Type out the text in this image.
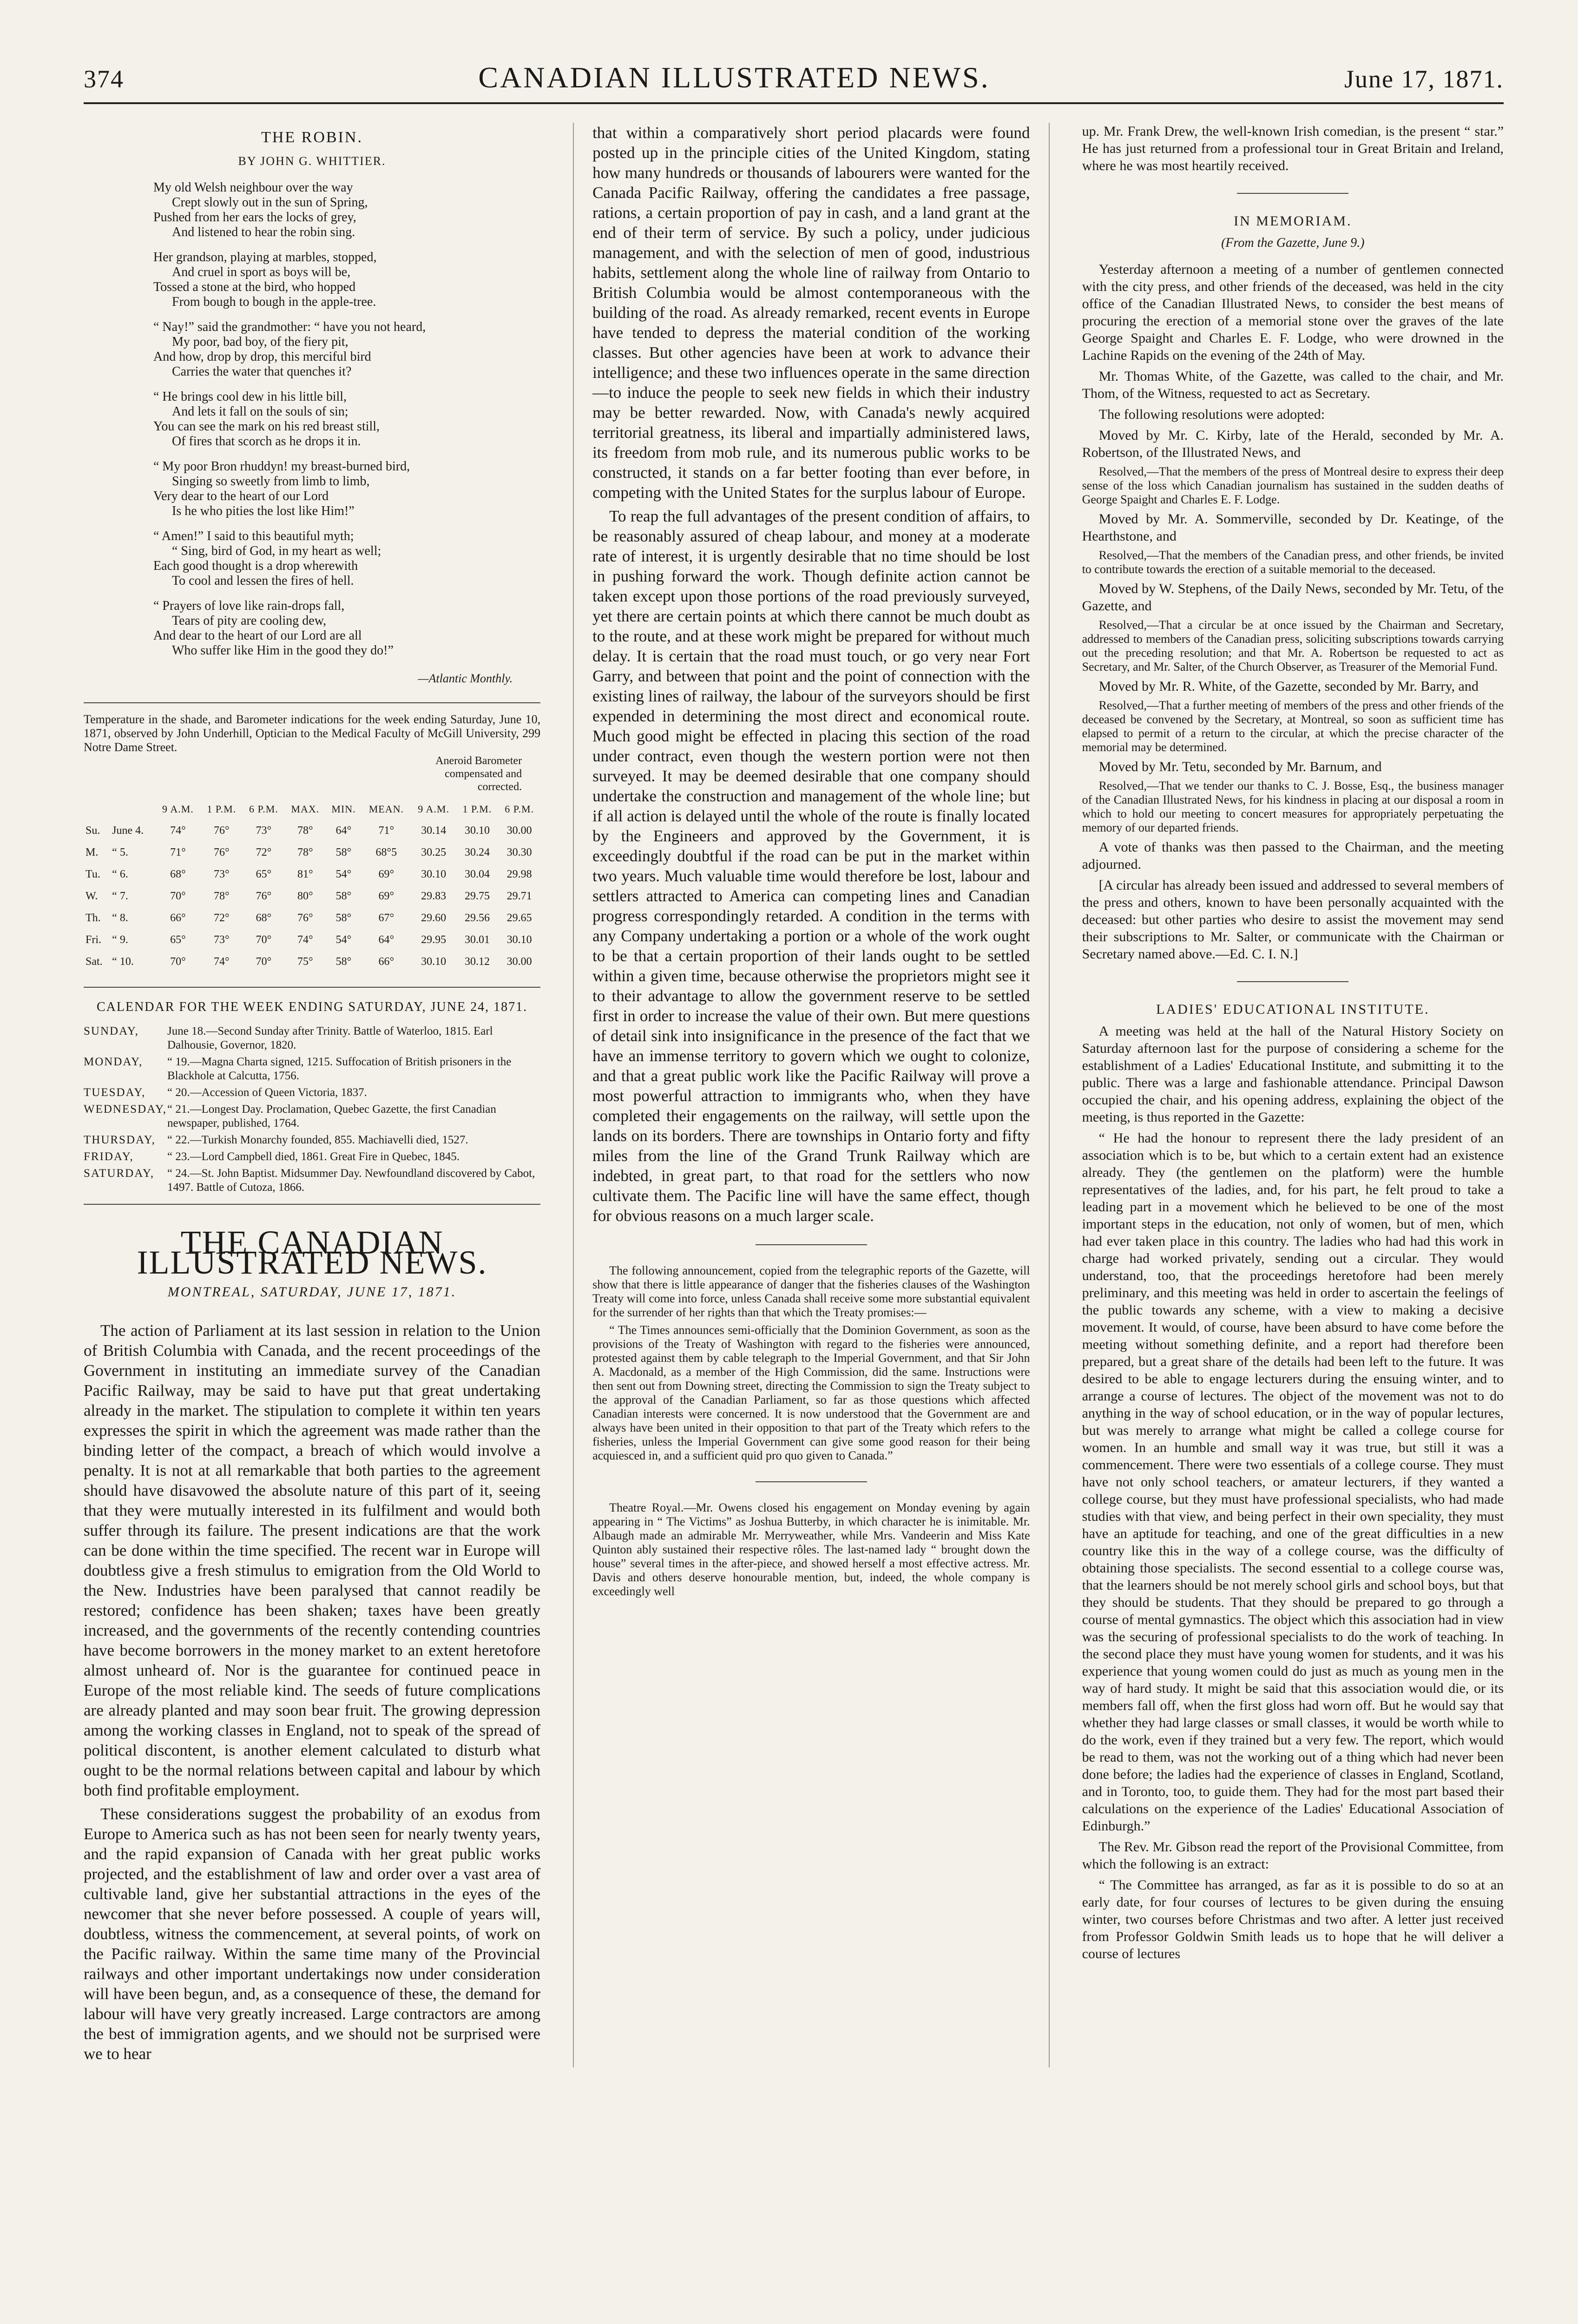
374	CANADIAN ILLUSTRATED NEWS.	June 17, 1871.
THE ROBIN.
BY JOHN G. WHITTIER.
My old Welsh neighbour over the way
Crept slowly out in the sun of Spring,
Pushed from her ears the locks of grey,
And listened to hear the robin sing.
Her grandson, playing at marbles, stopped,
And cruel in sport as boys will be,
Tossed a stone at the bird, who hopped
From bough to bough in the apple-tree.
“ Nay!” said the grandmother: “ have you not heard,
My poor, bad boy, of the fiery pit,
And how, drop by drop, this merciful bird
Carries the water that quenches it?
“ He brings cool dew in his little bill,
And lets it fall on the souls of sin;
You can see the mark on his red breast still,
Of fires that scorch as he drops it in.
“ My poor Bron rhuddyn! my breast-burned bird,
Singing so sweetly from limb to limb,
Very dear to the heart of our Lord
Is he who pities the lost like Him!”
“ Amen!” I said to this beautiful myth;
“ Sing, bird of God, in my heart as well;
Each good thought is a drop wherewith
To cool and lessen the fires of hell.
“ Prayers of love like rain-drops fall,
Tears of pity are cooling dew,
And dear to the heart of our Lord are all
Who suffer like Him in the good they do!”
—Atlantic Monthly.
Temperature in the shade, and Barometer indications for the week ending Saturday, June 10, 1871, observed by John Underhill, Optician to the Medical Faculty of McGill University, 299 Notre Dame Street.
Aneroid Barometer
compensated and
corrected.
		9 A.M.	1 P.M.	6 P.M.	MAX.	MIN.	MEAN.	9 A.M.	1 P.M.	6 P.M.
Su.	June 4.	74°	76°	73°	78°	64°	71°	30.14	30.10	30.00
M.	“ 5.	71°	76°	72°	78°	58°	68°5	30.25	30.24	30.30
Tu.	“ 6.	68°	73°	65°	81°	54°	69°	30.10	30.04	29.98
W.	“ 7.	70°	78°	76°	80°	58°	69°	29.83	29.75	29.71
Th.	“ 8.	66°	72°	68°	76°	58°	67°	29.60	29.56	29.65
Fri.	“ 9.	65°	73°	70°	74°	54°	64°	29.95	30.01	30.10
Sat.	“ 10.	70°	74°	70°	75°	58°	66°	30.10	30.12	30.00
CALENDAR FOR THE WEEK ENDING SATURDAY, JUNE 24, 1871.
SUNDAY,	June 18.—Second Sunday after Trinity. Battle of Waterloo, 1815. Earl Dalhousie, Governor, 1820.
MONDAY,	“ 19.—Magna Charta signed, 1215. Suffocation of British prisoners in the Blackhole at Calcutta, 1756.
TUESDAY,	“ 20.—Accession of Queen Victoria, 1837.
WEDNESDAY, “ 21.—Longest Day. Proclamation, Quebec Gazette, the first Canadian newspaper, published, 1764.
THURSDAY,	“ 22.—Turkish Monarchy founded, 855. Machiavelli died, 1527.
FRIDAY,	“ 23.—Lord Campbell died, 1861. Great Fire in Quebec, 1845.
SATURDAY,	“ 24.—St. John Baptist. Midsummer Day. Newfoundland discovered by Cabot, 1497. Battle of Cutoza, 1866.
THE CANADIAN ILLUSTRATED NEWS.
MONTREAL, SATURDAY, JUNE 17, 1871.

The action of Parliament at its last session in relation to the Union of British Columbia with Canada, and the recent proceedings of the Government in instituting an immediate survey of the Canadian Pacific Railway, may be said to have put that great undertaking already in the market. The stipulation to complete it within ten years expresses the spirit in which the agreement was made rather than the binding letter of the compact, a breach of which would involve a penalty. It is not at all remarkable that both parties to the agreement should have disavowed the absolute nature of this part of it, seeing that they were mutually interested in its fulfilment and would both suffer through its failure. The present indications are that the work can be done within the time specified. The recent war in Europe will doubtless give a fresh stimulus to emigration from the Old World to the New. Industries have been paralysed that cannot readily be restored; confidence has been shaken; taxes have been greatly increased, and the governments of the recently contending countries have become borrowers in the money market to an extent heretofore almost unheard of. Nor is the guarantee for continued peace in Europe of the most reliable kind. The seeds of future complications are already planted and may soon bear fruit. The growing depression among the working classes in England, not to speak of the spread of political discontent, is another element calculated to disturb what ought to be the normal relations between capital and labour by which both find profitable employment.

These considerations suggest the probability of an exodus from Europe to America such as has not been seen for nearly twenty years, and the rapid expansion of Canada with her great public works projected, and the establishment of law and order over a vast area of cultivable land, give her substantial attractions in the eyes of the newcomer that she never before possessed. A couple of years will, doubtless, witness the commencement, at several points, of work on the Pacific railway. Within the same time many of the Provincial railways and other important undertakings now under consideration will have been begun, and, as a consequence of these, the demand for labour will have very greatly increased. Large contractors are among the best of immigration agents, and we should not be surprised were we to hear

that within a comparatively short period placards were found posted up in the principle cities of the United Kingdom, stating how many hundreds or thousands of labourers were wanted for the Canada Pacific Railway, offering the candidates a free passage, rations, a certain proportion of pay in cash, and a land grant at the end of their term of service. By such a policy, under judicious management, and with the selection of men of good, industrious habits, settlement along the whole line of railway from Ontario to British Columbia would be almost contemporaneous with the building of the road. As already remarked, recent events in Europe have tended to depress the material condition of the working classes. But other agencies have been at work to advance their intelligence; and these two influences operate in the same direction—to induce the people to seek new fields in which their industry may be better rewarded. Now, with Canada's newly acquired territorial greatness, its liberal and impartially administered laws, its freedom from mob rule, and its numerous public works to be constructed, it stands on a far better footing than ever before, in competing with the United States for the surplus labour of Europe.

To reap the full advantages of the present condition of affairs, to be reasonably assured of cheap labour, and money at a moderate rate of interest, it is urgently desirable that no time should be lost in pushing forward the work. Though definite action cannot be taken except upon those portions of the road previously surveyed, yet there are certain points at which there cannot be much doubt as to the route, and at these work might be prepared for without much delay. It is certain that the road must touch, or go very near Fort Garry, and between that point and the point of connection with the existing lines of railway, the labour of the surveyors should be first expended in determining the most direct and economical route. Much good might be effected in placing this section of the road under contract, even though the western portion were not then surveyed. It may be deemed desirable that one company should undertake the construction and management of the whole line; but if all action is delayed until the whole of the route is finally located by the Engineers and approved by the Government, it is exceedingly doubtful if the road can be put in the market within two years. Much valuable time would therefore be lost, labour and settlers attracted to America can competing lines and Canadian progress correspondingly retarded. A condition in the terms with any Company undertaking a portion or a whole of the work ought to be that a certain proportion of their lands ought to be settled within a given time, because otherwise the proprietors might see it to their advantage to allow the government reserve to be settled first in order to increase the value of their own. But mere questions of detail sink into insignificance in the presence of the fact that we have an immense territory to govern which we ought to colonize, and that a great public work like the Pacific Railway will prove a most powerful attraction to immigrants who, when they have completed their engagements on the railway, will settle upon the lands on its borders. There are townships in Ontario forty and fifty miles from the line of the Grand Trunk Railway which are indebted, in great part, to that road for the settlers who now cultivate them. The Pacific line will have the same effect, though for obvious reasons on a much larger scale.

The following announcement, copied from the telegraphic reports of the Gazette, will show that there is little appearance of danger that the fisheries clauses of the Washington Treaty will come into force, unless Canada shall receive some more substantial equivalent for the surrender of her rights than that which the Treaty promises:—

“ The Times announces semi-officially that the Dominion Government, as soon as the provisions of the Treaty of Washington with regard to the fisheries were announced, protested against them by cable telegraph to the Imperial Government, and that Sir John A. Macdonald, as a member of the High Commission, did the same. Instructions were then sent out from Downing street, directing the Commission to sign the Treaty subject to the approval of the Canadian Parliament, so far as those questions which affected Canadian interests were concerned. It is now understood that the Government are and always have been united in their opposition to that part of the Treaty which refers to the fisheries, unless the Imperial Government can give some good reason for their being acquiesced in, and a sufficient quid pro quo given to Canada.”

Theatre Royal.—Mr. Owens closed his engagement on Monday evening by again appearing in “ The Victims” as Joshua Butterby, in which character he is inimitable. Mr. Albaugh made an admirable Mr. Merryweather, while Mrs. Vandeerin and Miss Kate Quinton ably sustained their respective rôles. The last-named lady “ brought down the house” several times in the after-piece, and showed herself a most effective actress. Mr. Davis and others deserve honourable mention, but, indeed, the whole company is exceedingly well

up. Mr. Frank Drew, the well-known Irish comedian, is the present “ star.” He has just returned from a professional tour in Great Britain and Ireland, where he was most heartily received.

IN MEMORIAM.
(From the Gazette, June 9.)

Yesterday afternoon a meeting of a number of gentlemen connected with the city press, and other friends of the deceased, was held in the city office of the Canadian Illustrated News, to consider the best means of procuring the erection of a memorial stone over the graves of the late George Spaight and Charles E. F. Lodge, who were drowned in the Lachine Rapids on the evening of the 24th of May.

Mr. Thomas White, of the Gazette, was called to the chair, and Mr. Thom, of the Witness, requested to act as Secretary.

The following resolutions were adopted:

Moved by Mr. C. Kirby, late of the Herald, seconded by Mr. A. Robertson, of the Illustrated News, and

Resolved,—That the members of the press of Montreal desire to express their deep sense of the loss which Canadian journalism has sustained in the sudden deaths of George Spaight and Charles E. F. Lodge.

Moved by Mr. A. Sommerville, seconded by Dr. Keatinge, of the Hearthstone, and

Resolved,—That the members of the Canadian press, and other friends, be invited to contribute towards the erection of a suitable memorial to the deceased.

Moved by W. Stephens, of the Daily News, seconded by Mr. Tetu, of the Gazette, and

Resolved,—That a circular be at once issued by the Chairman and Secretary, addressed to members of the Canadian press, soliciting subscriptions towards carrying out the preceding resolution; and that Mr. A. Robertson be requested to act as Secretary, and Mr. Salter, of the Church Observer, as Treasurer of the Memorial Fund.

Moved by Mr. R. White, of the Gazette, seconded by Mr. Barry, and

Resolved,—That a further meeting of members of the press and other friends of the deceased be convened by the Secretary, at Montreal, so soon as sufficient time has elapsed to permit of a return to the circular, at which the precise character of the memorial may be determined.

Moved by Mr. Tetu, seconded by Mr. Barnum, and

Resolved,—That we tender our thanks to C. J. Bosse, Esq., the business manager of the Canadian Illustrated News, for his kindness in placing at our disposal a room in which to hold our meeting to concert measures for appropriately perpetuating the memory of our departed friends.

A vote of thanks was then passed to the Chairman, and the meeting adjourned.

[A circular has already been issued and addressed to several members of the press and others, known to have been personally acquainted with the deceased: but other parties who desire to assist the movement may send their subscriptions to Mr. Salter, or communicate with the Chairman or Secretary named above.—Ed. C. I. N.]

LADIES' EDUCATIONAL INSTITUTE.

A meeting was held at the hall of the Natural History Society on Saturday afternoon last for the purpose of considering a scheme for the establishment of a Ladies' Educational Institute, and submitting it to the public. There was a large and fashionable attendance. Principal Dawson occupied the chair, and his opening address, explaining the object of the meeting, is thus reported in the Gazette:

“ He had the honour to represent there the lady president of an association which is to be, but which to a certain extent had an existence already. They (the gentlemen on the platform) were the humble representatives of the ladies, and, for his part, he felt proud to take a leading part in a movement which he believed to be one of the most important steps in the education, not only of women, but of men, which had ever taken place in this country. The ladies who had had this work in charge had worked privately, sending out a circular. They would understand, too, that the proceedings heretofore had been merely preliminary, and this meeting was held in order to ascertain the feelings of the public towards any scheme, with a view to making a decisive movement. It would, of course, have been absurd to have come before the meeting without something definite, and a report had therefore been prepared, but a great share of the details had been left to the future. It was desired to be able to engage lecturers during the ensuing winter, and to arrange a course of lectures. The object of the movement was not to do anything in the way of school education, or in the way of popular lectures, but was merely to arrange what might be called a college course for women. In an humble and small way it was true, but still it was a commencement. There were two essentials of a college course. They must have not only school teachers, or amateur lecturers, if they wanted a college course, but they must have professional specialists, who had made studies with that view, and being perfect in their own speciality, they must have an aptitude for teaching, and one of the great difficulties in a new country like this in the way of a college course, was the difficulty of obtaining those specialists. The second essential to a college course was, that the learners should be not merely school girls and school boys, but that they should be students. That they should be prepared to go through a course of mental gymnastics. The object which this association had in view was the securing of professional specialists to do the work of teaching. In the second place they must have young women for students, and it was his experience that young women could do just as much as young men in the way of hard study. It might be said that this association would die, or its members fall off, when the first gloss had worn off. But he would say that whether they had large classes or small classes, it would be worth while to do the work, even if they trained but a very few. The report, which would be read to them, was not the working out of a thing which had never been done before; the ladies had the experience of classes in England, Scotland, and in Toronto, too, to guide them. They had for the most part based their calculations on the experience of the Ladies' Educational Association of Edinburgh.”

The Rev. Mr. Gibson read the report of the Provisional Committee, from which the following is an extract:

“ The Committee has arranged, as far as it is possible to do so at an early date, for four courses of lectures to be given during the ensuing winter, two courses before Christmas and two after. A letter just received from Professor Goldwin Smith leads us to hope that he will deliver a course of lectures
